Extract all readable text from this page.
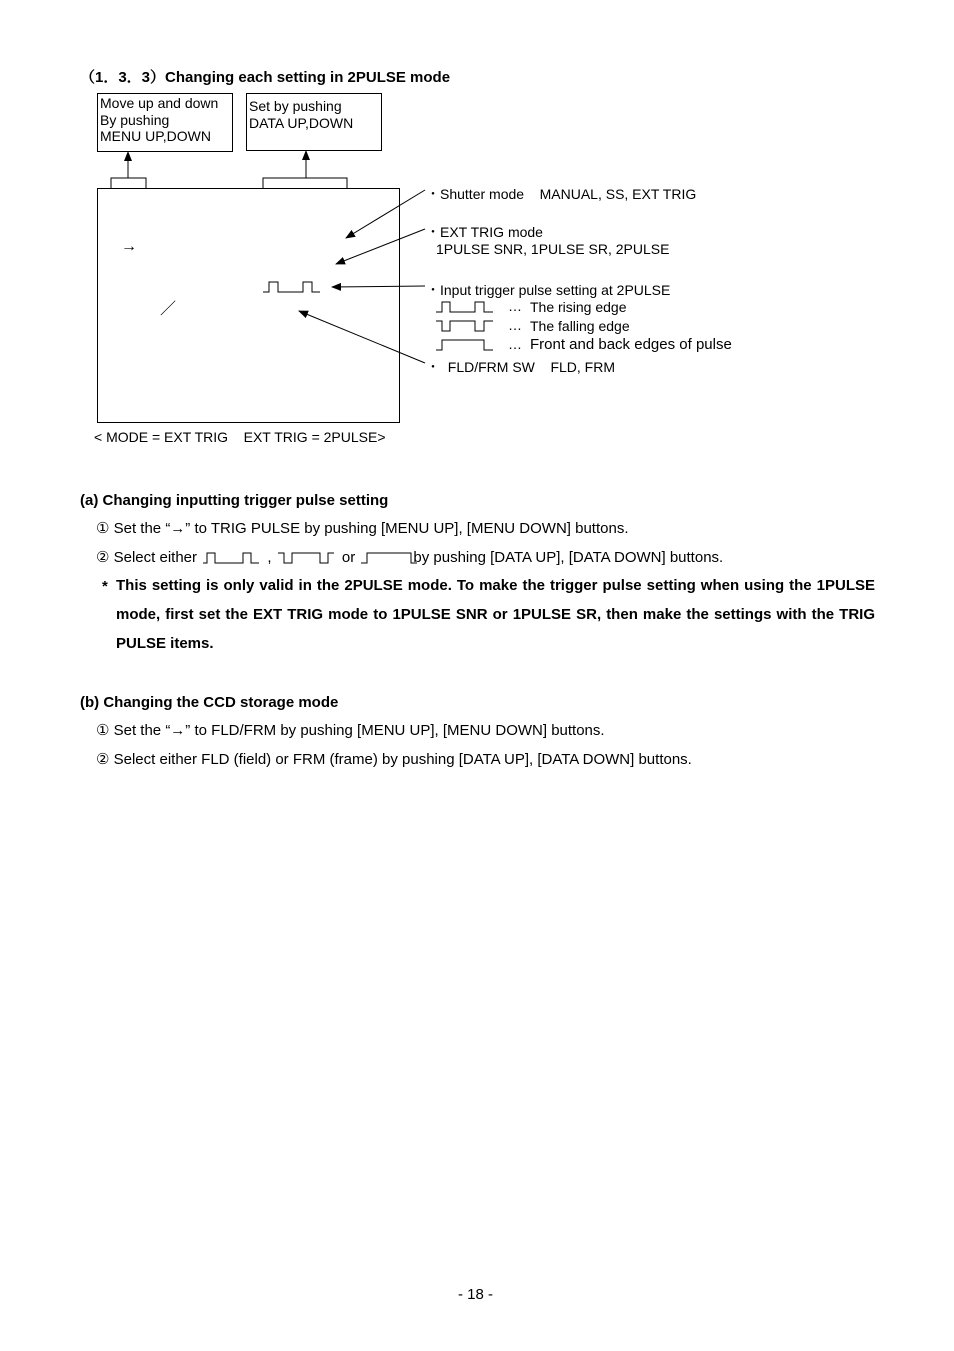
（1．3．3）Changing each setting in 2PULSE mode
Move up and down
By pushing
MENU UP,DOWN
Set by pushing
DATA UP,DOWN
→
／
< MODE = EXT TRIG    EXT TRIG = 2PULSE>
・Shutter mode    MANUAL, SS, EXT TRIG
・EXT TRIG mode
1PULSE SNR, 1PULSE SR, 2PULSE
・Input trigger pulse setting at 2PULSE
… The rising edge
… The falling edge
… Front and back edges of pulse
・  FLD/FRM SW    FLD, FRM
(a) Changing inputting trigger pulse setting
① Set the “→” to TRIG PULSE by pushing [MENU UP], [MENU DOWN] buttons.
② Select either	,	or	by pushing [DATA UP], [DATA DOWN] buttons.
* This setting is only valid in the 2PULSE mode. To make the trigger pulse setting when using the 1PULSE mode, first set the EXT TRIG mode to 1PULSE SNR or 1PULSE SR, then make the settings with the TRIG PULSE items.
(b) Changing the CCD storage mode
① Set the “→” to FLD/FRM by pushing [MENU UP], [MENU DOWN] buttons.
② Select either FLD (field) or FRM (frame) by pushing [DATA UP], [DATA DOWN] buttons.
- 18 -
